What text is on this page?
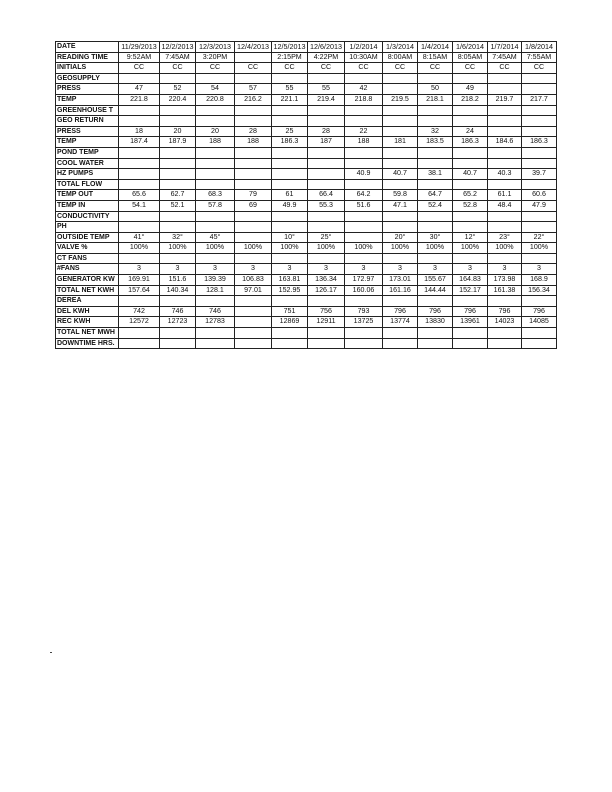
DATE	11/29/2013	12/2/2013	12/3/2013	12/4/2013	12/5/2013	12/6/2013	1/2/2014	1/3/2014	1/4/2014	1/6/2014	1/7/2014	1/8/2014
READING TIME	9:52AM	7:45AM	3:20PM		2:15PM	4:22PM	10:30AM	8:00AM	8:15AM	8:05AM	7:45AM	7:55AM
INITIALS	CC	CC	CC	CC	CC	CC	CC	CC	CC	CC	CC	CC
GEOSUPPLY												
PRESS	47	52	54	57	55	55	42		50	49		
TEMP	221.8	220.4	220.8	216.2	221.1	219.4	218.8	219.5	218.1	218.2	219.7	217.7
GREENHOUSE T												
GEO RETURN												
PRESS	18	20	20	28	25	28	22		32	24		
TEMP	187.4	187.9	188	188	186.3	187	188	181	183.5	186.3	184.6	186.3
POND TEMP												
COOL WATER												
HZ PUMPS							40.9	40.7	38.1	40.7	40.3	39.7
TOTAL FLOW												
TEMP OUT	65.6	62.7	68.3	79	61	66.4	64.2	59.8	64.7	65.2	61.1	60.6
TEMP IN	54.1	52.1	57.8	69	49.9	55.3	51.6	47.1	52.4	52.8	48.4	47.9
CONDUCTIVITY												
PH												
OUTSIDE TEMP	41°	32°	45°		10°	25°		20°	30°	12°	23°	22°
VALVE %	100%	100%	100%	100%	100%	100%	100%	100%	100%	100%	100%	100%
CT FANS												
#FANS	3	3	3	3	3	3	3	3	3	3	3	3
GENERATOR KW	169.91	151.6	139.39	106.83	163.81	136.34	172.97	173.01	155.67	164.83	173.98	168.9
TOTAL NET KWH	157.64	140.34	128.1	97.01	152.95	126.17	160.06	161.16	144.44	152.17	161.38	156.34
DEREA												
DEL KWH	742	746	746		751	756	793	796	796	796	796	796
REC KWH	12572	12723	12783		12869	12911	13725	13774	13830	13961	14023	14085
TOTAL NET MWH												
DOWNTIME HRS.												
